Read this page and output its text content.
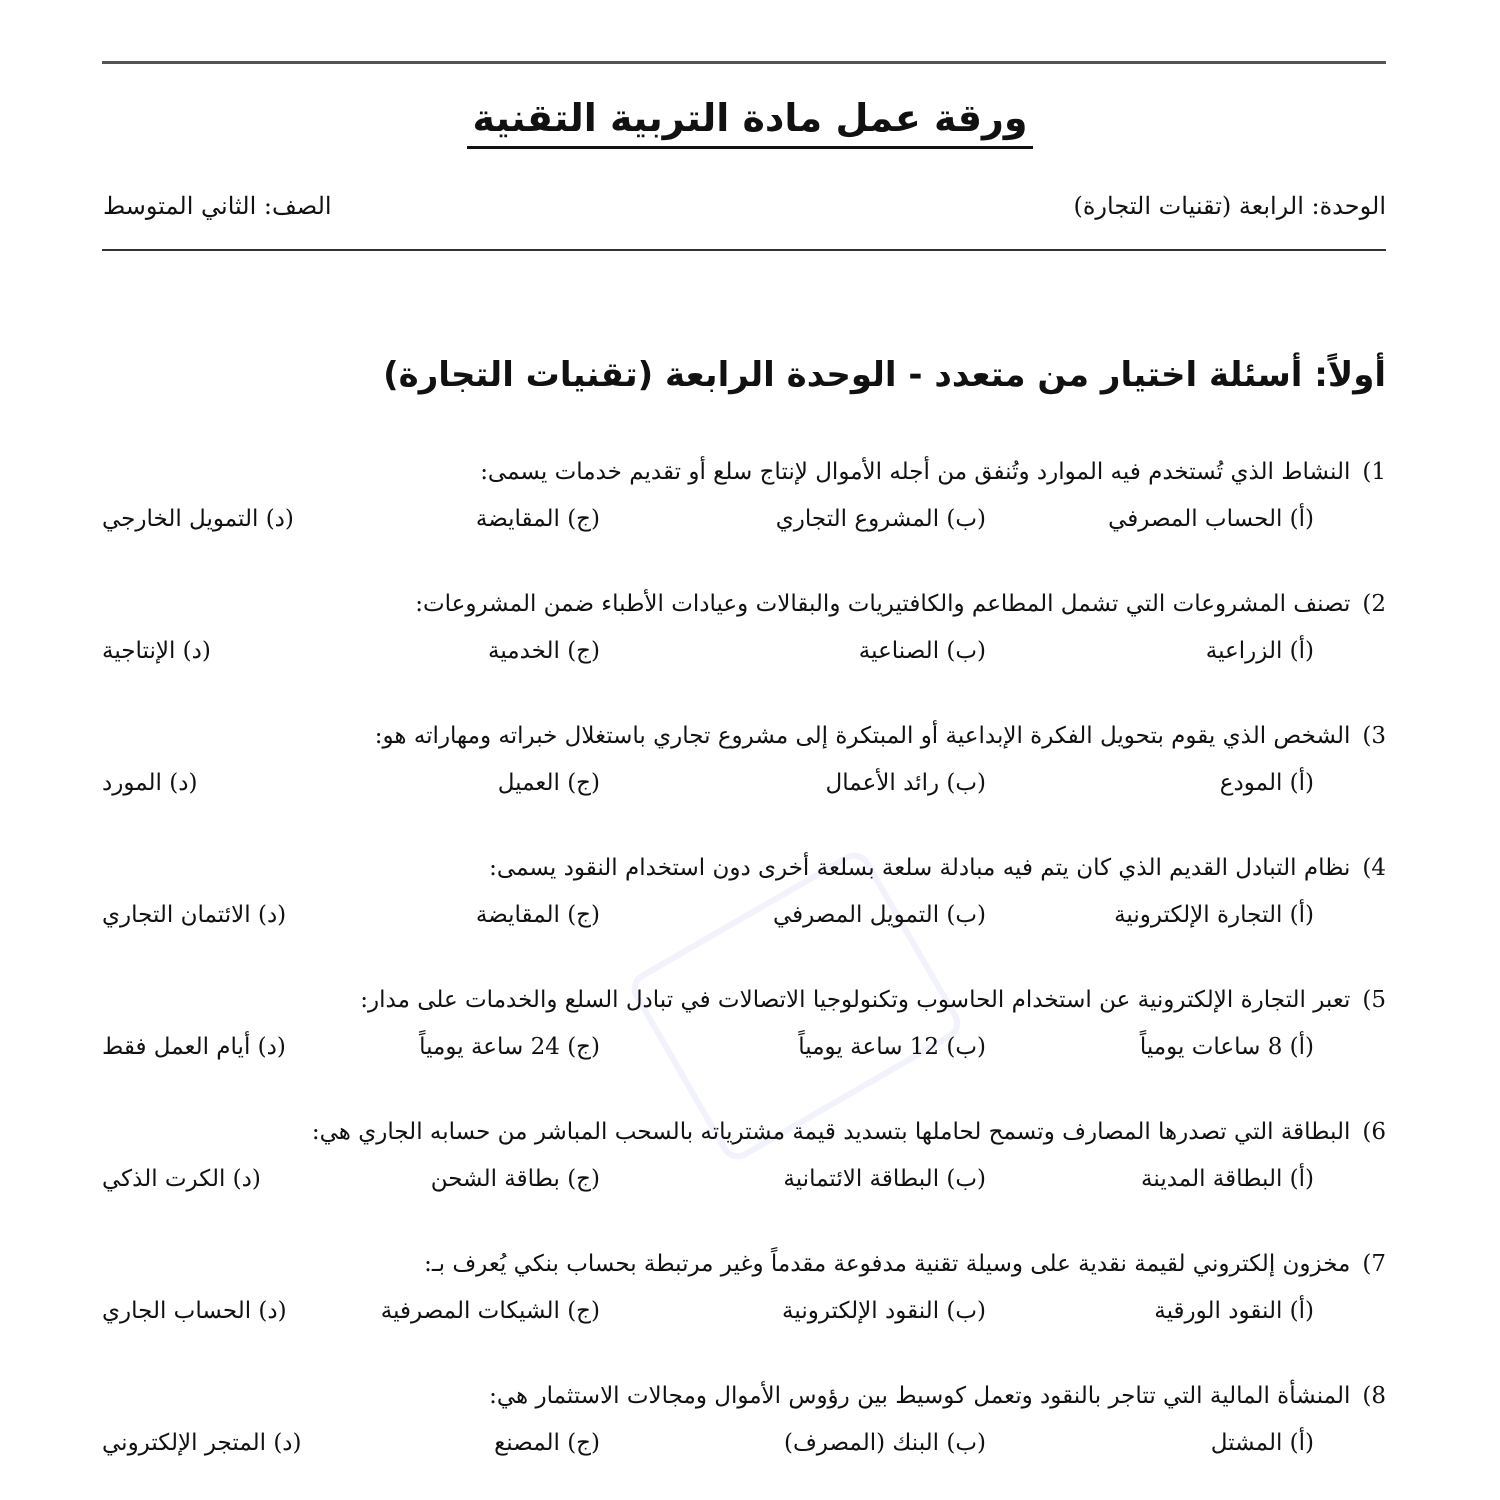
ورقة عمل مادة التربية التقنية
الوحدة: الرابعة (تقنيات التجارة)
الصف: الثاني المتوسط
أولاً: أسئلة اختيار من متعدد - الوحدة الرابعة (تقنيات التجارة)
1)النشاط الذي تُستخدم فيه الموارد وتُنفق من أجله الأموال لإنتاج سلع أو تقديم خدمات يسمى:
(أ) الحساب المصرفي
(ب) المشروع التجاري
(ج) المقايضة
(د) التمويل الخارجي
2)تصنف المشروعات التي تشمل المطاعم والكافتيريات والبقالات وعيادات الأطباء ضمن المشروعات:
(أ) الزراعية
(ب) الصناعية
(ج) الخدمية
(د) الإنتاجية
3)الشخص الذي يقوم بتحويل الفكرة الإبداعية أو المبتكرة إلى مشروع تجاري باستغلال خبراته ومهاراته هو:
(أ) المودع
(ب) رائد الأعمال
(ج) العميل
(د) المورد
4)نظام التبادل القديم الذي كان يتم فيه مبادلة سلعة بسلعة أخرى دون استخدام النقود يسمى:
(أ) التجارة الإلكترونية
(ب) التمويل المصرفي
(ج) المقايضة
(د) الائتمان التجاري
5)تعبر التجارة الإلكترونية عن استخدام الحاسوب وتكنولوجيا الاتصالات في تبادل السلع والخدمات على مدار:
(أ) 8 ساعات يومياً
(ب) 12 ساعة يومياً
(ج) 24 ساعة يومياً
(د) أيام العمل فقط
6)البطاقة التي تصدرها المصارف وتسمح لحاملها بتسديد قيمة مشترياته بالسحب المباشر من حسابه الجاري هي:
(أ) البطاقة المدينة
(ب) البطاقة الائتمانية
(ج) بطاقة الشحن
(د) الكرت الذكي
7)مخزون إلكتروني لقيمة نقدية على وسيلة تقنية مدفوعة مقدماً وغير مرتبطة بحساب بنكي يُعرف بـ:
(أ) النقود الورقية
(ب) النقود الإلكترونية
(ج) الشيكات المصرفية
(د) الحساب الجاري
8)المنشأة المالية التي تتاجر بالنقود وتعمل كوسيط بين رؤوس الأموال ومجالات الاستثمار هي:
(أ) المشتل
(ب) البنك (المصرف)
(ج) المصنع
(د) المتجر الإلكتروني
